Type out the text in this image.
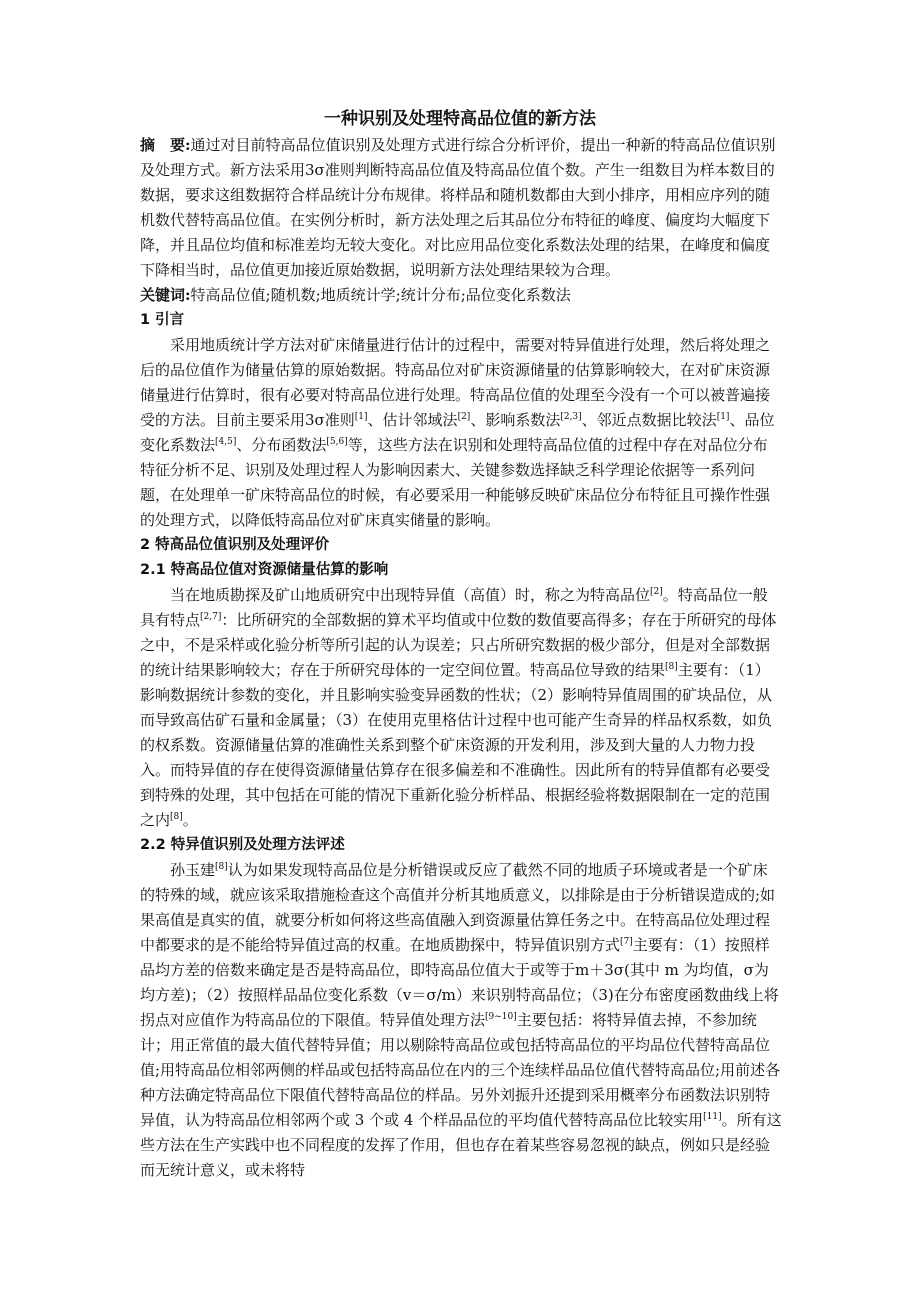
一种识别及处理特高品位值的新方法

摘　要:通过对目前特高品位值识别及处理方式进行综合分析评价，提出一种新的特高品位值识别及处理方式。新方法采用3σ准则判断特高品位值及特高品位值个数。产生一组数目为样本数目的数据，要求这组数据符合样品统计分布规律。将样品和随机数都由大到小排序，用相应序列的随机数代替特高品位值。在实例分析时，新方法处理之后其品位分布特征的峰度、偏度均大幅度下降，并且品位均值和标准差均无较大变化。对比应用品位变化系数法处理的结果，在峰度和偏度下降相当时，品位值更加接近原始数据，说明新方法处理结果较为合理。

关键词:特高品位值;随机数;地质统计学;统计分布;品位变化系数法

1 引言

采用地质统计学方法对矿床储量进行估计的过程中，需要对特异值进行处理，然后将处理之后的品位值作为储量估算的原始数据。特高品位对矿床资源储量的估算影响较大，在对矿床资源储量进行估算时，很有必要对特高品位进行处理。特高品位值的处理至今没有一个可以被普遍接受的方法。目前主要采用3σ准则[1]、估计邻域法[2]、影响系数法[2,3]、邻近点数据比较法[1]、品位变化系数法[4,5]、分布函数法[5,6]等，这些方法在识别和处理特高品位值的过程中存在对品位分布特征分析不足、识别及处理过程人为影响因素大、关键参数选择缺乏科学理论依据等一系列问题，在处理单一矿床特高品位的时候，有必要采用一种能够反映矿床品位分布特征且可操作性强的处理方式，以降低特高品位对矿床真实储量的影响。

2 特高品位值识别及处理评价

2.1 特高品位值对资源储量估算的影响

当在地质勘探及矿山地质研究中出现特异值（高值）时，称之为特高品位[2]。特高品位一般具有特点[2,7]：比所研究的全部数据的算术平均值或中位数的数值要高得多；存在于所研究的母体之中，不是采样或化验分析等所引起的认为误差；只占所研究数据的极少部分，但是对全部数据的统计结果影响较大；存在于所研究母体的一定空间位置。特高品位导致的结果[8]主要有：（1）影响数据统计参数的变化，并且影响实验变异函数的性状；（2）影响特异值周围的矿块品位，从而导致高估矿石量和金属量；（3）在使用克里格估计过程中也可能产生奇异的样品权系数，如负的权系数。资源储量估算的准确性关系到整个矿床资源的开发利用，涉及到大量的人力物力投入。而特异值的存在使得资源储量估算存在很多偏差和不准确性。因此所有的特异值都有必要受到特殊的处理，其中包括在可能的情况下重新化验分析样品、根据经验将数据限制在一定的范围之内[8]。

2.2 特异值识别及处理方法评述

孙玉建[8]认为如果发现特高品位是分析错误或反应了截然不同的地质子环境或者是一个矿床的特殊的域，就应该采取措施检查这个高值并分析其地质意义，以排除是由于分析错误造成的;如果高值是真实的值，就要分析如何将这些高值融入到资源量估算任务之中。在特高品位处理过程中都要求的是不能给特异值过高的权重。在地质勘探中，特异值识别方式[7]主要有：（1）按照样品均方差的倍数来确定是否是特高品位，即特高品位值大于或等于m＋3σ(其中 m 为均值，σ为均方差)；（2）按照样品品位变化系数（v＝σ/m）来识别特高品位；（3)在分布密度函数曲线上将拐点对应值作为特高品位的下限值。特异值处理方法[9~10]主要包括：将特异值去掉，不参加统计；用正常值的最大值代替特异值；用以剔除特高品位或包括特高品位的平均品位代替特高品位值;用特高品位相邻两侧的样品或包括特高品位在内的三个连续样品品位值代替特高品位;用前述各种方法确定特高品位下限值代替特高品位的样品。另外刘振升还提到采用概率分布函数法识别特异值，认为特高品位相邻两个或 3 个或 4 个样品品位的平均值代替特高品位比较实用[11]。所有这些方法在生产实践中也不同程度的发挥了作用，但也存在着某些容易忽视的缺点，例如只是经验而无统计意义，或未将特
